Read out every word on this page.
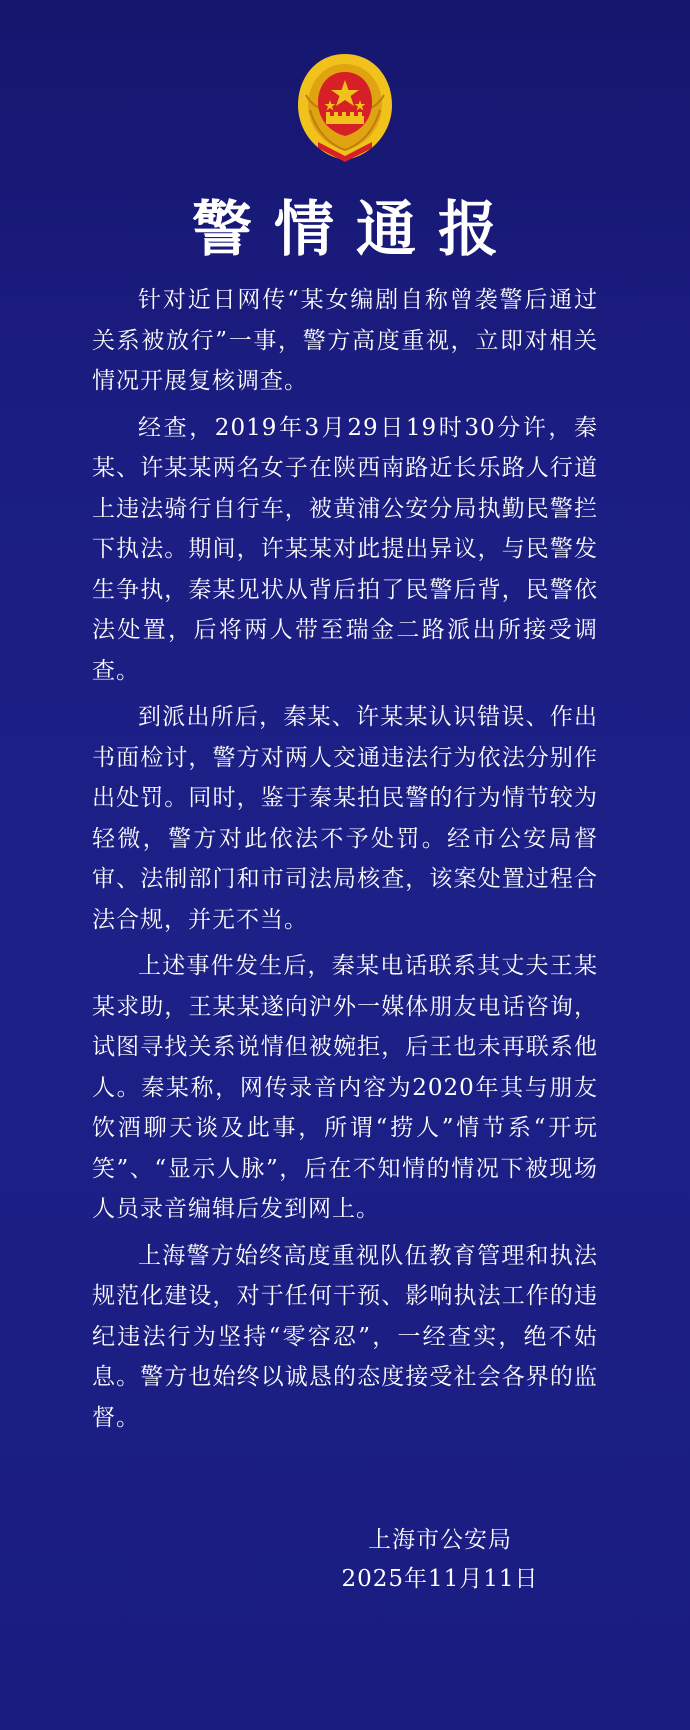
警情通报

针对近日网传“某女编剧自称曾袭警后通过关系被放行”一事，警方高度重视，立即对相关情况开展复核调查。

经查，2019年3月29日19时30分许，秦某、许某某两名女子在陕西南路近长乐路人行道上违法骑行自行车，被黄浦公安分局执勤民警拦下执法。期间，许某某对此提出异议，与民警发生争执，秦某见状从背后拍了民警后背，民警依法处置，后将两人带至瑞金二路派出所接受调查。

到派出所后，秦某、许某某认识错误、作出书面检讨，警方对两人交通违法行为依法分别作出处罚。同时，鉴于秦某拍民警的行为情节较为轻微，警方对此依法不予处罚。经市公安局督审、法制部门和市司法局核查，该案处置过程合法合规，并无不当。

上述事件发生后，秦某电话联系其丈夫王某某求助，王某某遂向沪外一媒体朋友电话咨询，试图寻找关系说情但被婉拒，后王也未再联系他人。秦某称，网传录音内容为2020年其与朋友饮酒聊天谈及此事，所谓“捞人”情节系“开玩笑”、“显示人脉”，后在不知情的情况下被现场人员录音编辑后发到网上。

上海警方始终高度重视队伍教育管理和执法规范化建设，对于任何干预、影响执法工作的违纪违法行为坚持“零容忍”，一经查实，绝不姑息。警方也始终以诚恳的态度接受社会各界的监督。

上海市公安局
2025年11月11日
